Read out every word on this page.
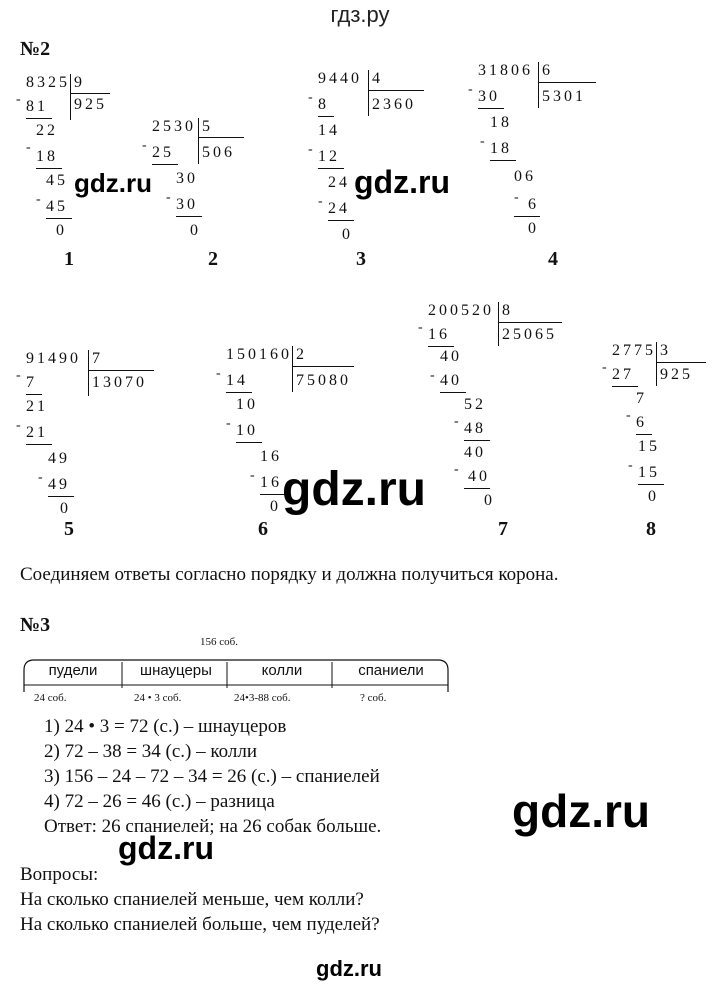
гдз.ру
№2
8325 9
925
- 81
22
-
18
45
- 45
0
2530 5
506
- 25
30
- 30
0
9440 4
2360
- 8
14
- 12
24
- 24
0
31806 6
5301
- 30
18
- 18
06
- 6
0
1	2	3	4
91490 7
13070
- 7
21
- 21
49
- 49
0
150160 2
75080
- 14
10
- 10
16
- 16
0
200520 8
25065
- 16
40
- 40
52
- 48
40
- 40
0
2775 3
925
- 27
7
- 6
15
- 15
0
5	6	7	8
Соединяем ответы согласно порядку и должна получиться корона.
№3
156 соб.
пудели	шнауцеры	колли	спаниели
24 соб.	24 • 3 соб.	24•3-88 соб.	? соб.
1) 24 • 3 = 72 (с.) – шнауцеров
2) 72 – 38 = 34 (с.) – колли
3) 156 – 24 – 72 – 34 = 26 (с.) – спаниелей
4) 72 – 26 = 46 (с.) – разница
Ответ: 26 спаниелей; на 26 собак больше.
Вопросы:
На сколько спаниелей меньше, чем колли?
На сколько спаниелей больше, чем пуделей?
gdz.ru	gdz.ru
gdz.ru
gdz.ru
gdz.ru
gdz.ru
